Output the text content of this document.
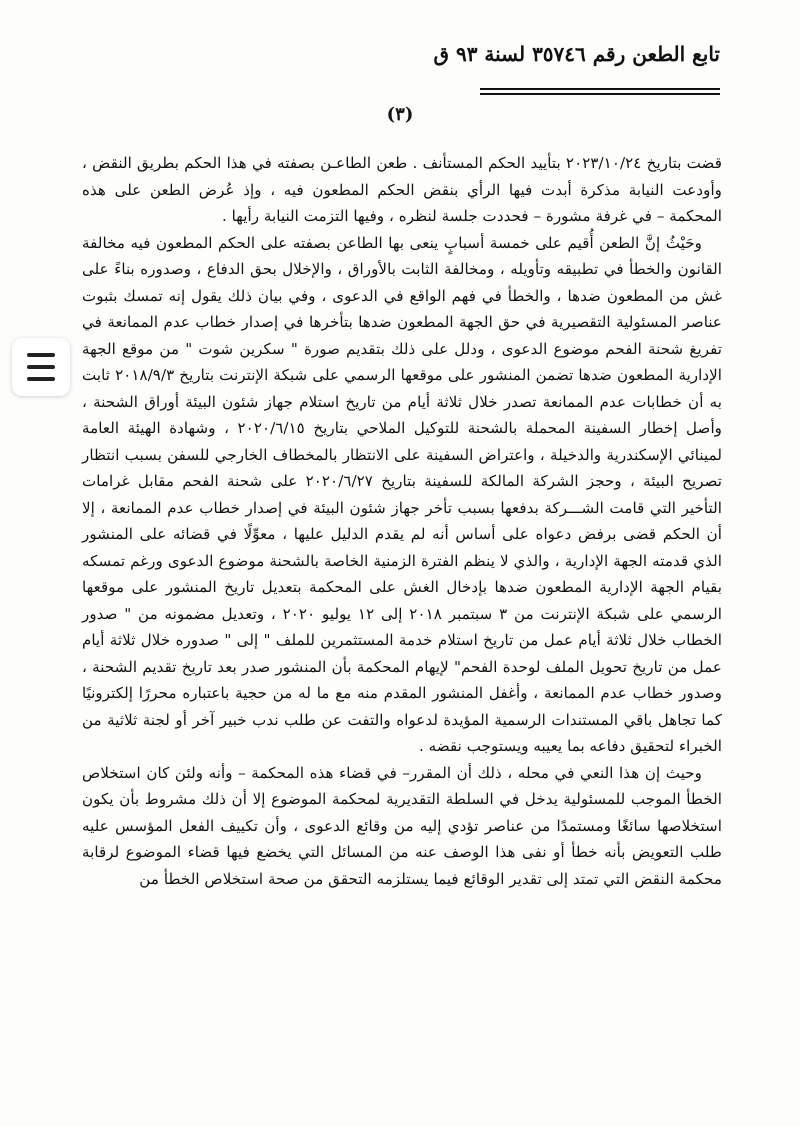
تابع الطعن رقم ٣٥٧٤٦ لسنة ٩٣ ق
(٣)

قضت بتاريخ ٢٠٢٣/١٠/٢٤ بتأييد الحكم المستأنف . طعن الطاعـن بصفته في هذا الحكم بطريق النقض ، وأودعت النيابة مذكرة أبدت فيها الرأي بنقض الحكم المطعون فيه ، وإذ عُرض الطعن على هذه المحكمة – في غرفة مشورة – فحددت جلسة لنظره ، وفيها التزمت النيابة رأيها .

وحَيْثُ إنَّ الطعن أُقيم على خمسة أسبابٍ ينعى بها الطاعن بصفته على الحكم المطعون فيه مخالفة القانون والخطأ في تطبيقه وتأويله ، ومخالفة الثابت بالأوراق ، والإخلال بحق الدفاع ، وصدوره بناءً على غش من المطعون ضدها ، والخطأ في فهم الواقع في الدعوى ، وفي بيان ذلك يقول إنه تمسك بثبوت عناصر المسئولية التقصيرية في حق الجهة المطعون ضدها بتأخرها في إصدار خطاب عدم الممانعة في تفريغ شحنة الفحم موضوع الدعوى ، ودلل على ذلك بتقديم صورة " سكرين شوت " من موقع الجهة الإدارية المطعون ضدها تضمن المنشور على موقعها الرسمي على شبكة الإنترنت بتاريخ ٢٠١٨/٩/٣ ثابت به أن خطابات عدم الممانعة تصدر خلال ثلاثة أيام من تاريخ استلام جهاز شئون البيئة أوراق الشحنة ، وأصل إخطار السفينة المحملة بالشحنة للتوكيل الملاحي بتاريخ ٢٠٢٠/٦/١٥ ، وشهادة الهيئة العامة لمينائي الإسكندرية والدخيلة ، واعتراض السفينة على الانتظار بالمخطاف الخارجي للسفن بسبب انتظار تصريح البيئة ، وحجز الشركة المالكة للسفينة بتاريخ ٢٠٢٠/٦/٢٧ على شحنة الفحم مقابل غرامات التأخير التي قامت الشـــركة بدفعها بسبب تأخر جهاز شئون البيئة في إصدار خطاب عدم الممانعة ، إلا أن الحكم قضى برفض دعواه على أساس أنه لم يقدم الدليل عليها ، معوِّلًا في قضائه على المنشور الذي قدمته الجهة الإدارية ، والذي لا ينظم الفترة الزمنية الخاصة بالشحنة موضوع الدعوى ورغم تمسكه بقيام الجهة الإدارية المطعون ضدها بإدخال الغش على المحكمة بتعديل تاريخ المنشور على موقعها الرسمي على شبكة الإنترنت من ٣ سبتمبر ٢٠١٨ إلى ١٢ يوليو ٢٠٢٠ ، وتعديل مضمونه من " صدور الخطاب خلال ثلاثة أيام عمل من تاريخ استلام خدمة المستثمرين للملف " إلى " صدوره خلال ثلاثة أيام عمل من تاريخ تحويل الملف لوحدة الفحم" لإيهام المحكمة بأن المنشور صدر بعد تاريخ تقديم الشحنة ، وصدور خطاب عدم الممانعة ، وأغفل المنشور المقدم منه مع ما له من حجية باعتباره محررًا إلكترونيًا كما تجاهل باقي المستندات الرسمية المؤيدة لدعواه والتفت عن طلب ندب خبير آخر أو لجنة ثلاثية من الخبراء لتحقيق دفاعه بما يعيبه ويستوجب نقضه .

وحيث إن هذا النعي في محله ، ذلك أن المقرر– في قضاء هذه المحكمة – وأنه ولئن كان استخلاص الخطأ الموجب للمسئولية يدخل في السلطة التقديرية لمحكمة الموضوع إلا أن ذلك مشروط بأن يكون استخلاصها سائغًا ومستمدًا من عناصر تؤدي إليه من وقائع الدعوى ، وأن تكييف الفعل المؤسس عليه طلب التعويض بأنه خطأ أو نفى هذا الوصف عنه من المسائل التي يخضع فيها قضاء الموضوع لرقابة محكمة النقض التي تمتد إلى تقدير الوقائع فيما يستلزمه التحقق من صحة استخلاص الخطأ من
